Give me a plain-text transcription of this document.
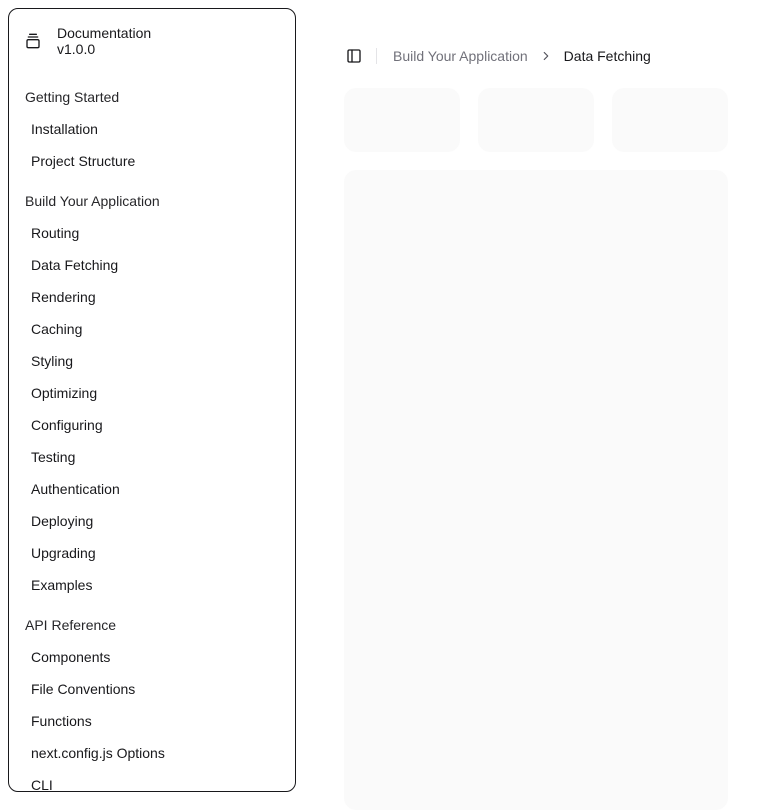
Documentation
v1.0.0
Getting Started
Installation
Project Structure
Build Your Application
Routing
Data Fetching
Rendering
Caching
Styling
Optimizing
Configuring
Testing
Authentication
Deploying
Upgrading
Examples
API Reference
Components
File Conventions
Functions
next.config.js Options
CLI
Build Your Application	Data Fetching
